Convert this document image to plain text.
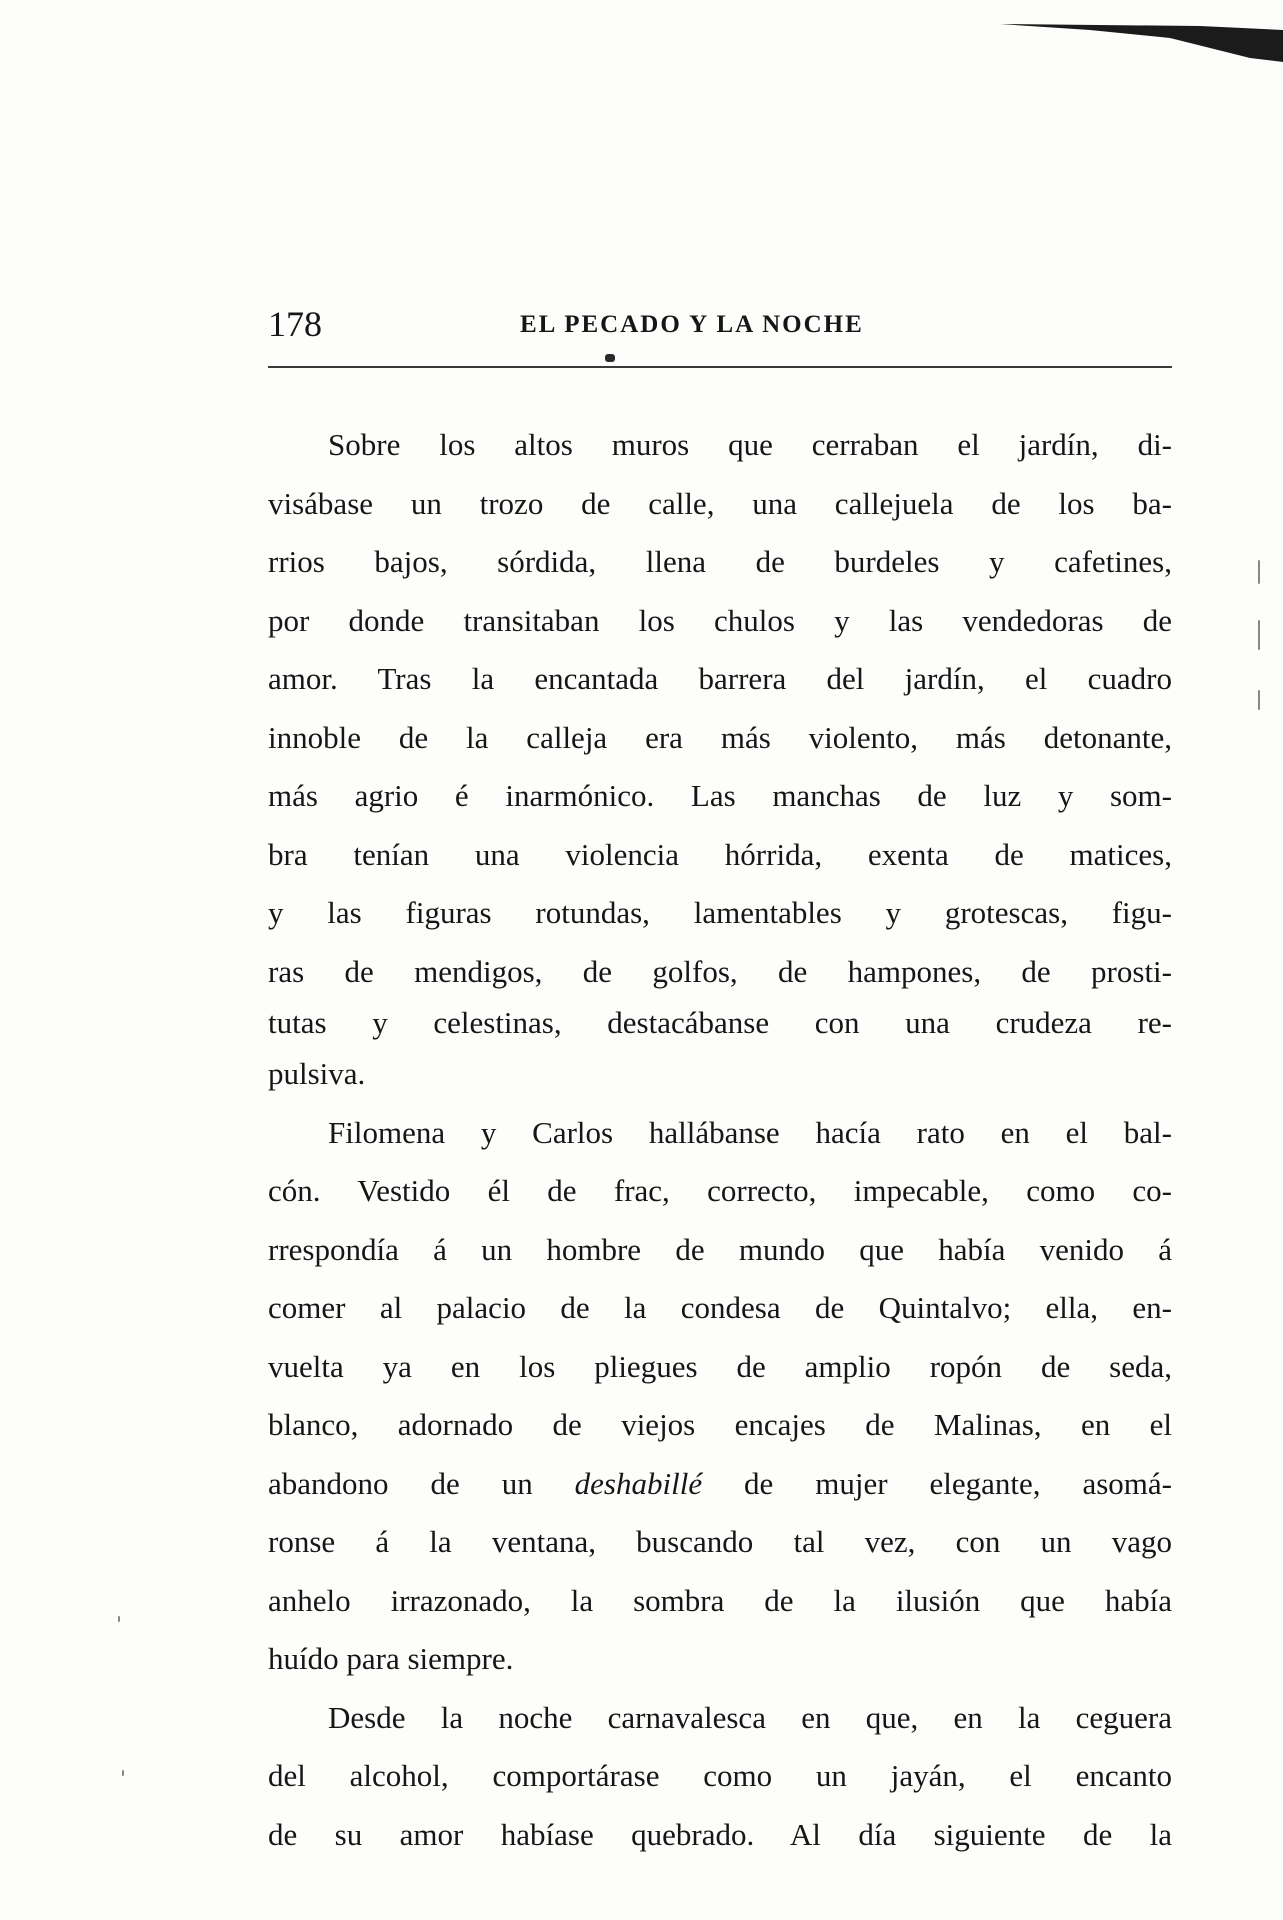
178	EL PECADO Y LA NOCHE
Sobre los altos muros que cerraban el jardín, di-
visábase un trozo de calle, una callejuela de los ba-
rrios bajos, sórdida, llena de burdeles y cafetines,
por donde transitaban los chulos y las vendedoras de
amor. Tras la encantada barrera del jardín, el cuadro
innoble de la calleja era más violento, más detonante,
más agrio é inarmónico. Las manchas de luz y som-
bra tenían una violencia hórrida, exenta de matices,
y las figuras rotundas, lamentables y grotescas, figu-
ras de mendigos, de golfos, de hampones, de prosti-
tutas y celestinas, destacábanse con una crudeza re-
pulsiva.
Filomena y Carlos hallábanse hacía rato en el bal-
cón. Vestido él de frac, correcto, impecable, como co-
rrespondía á un hombre de mundo que había venido á
comer al palacio de la condesa de Quintalvo; ella, en-
vuelta ya en los pliegues de amplio ropón de seda,
blanco, adornado de viejos encajes de Malinas, en el
abandono de un deshabillé de mujer elegante, asomá-
ronse á la ventana, buscando tal vez, con un vago
anhelo irrazonado, la sombra de la ilusión que había
huído para siempre.
Desde la noche carnavalesca en que, en la ceguera
del alcohol, comportárase como un jayán, el encanto
de su amor habíase quebrado. Al día siguiente de la
